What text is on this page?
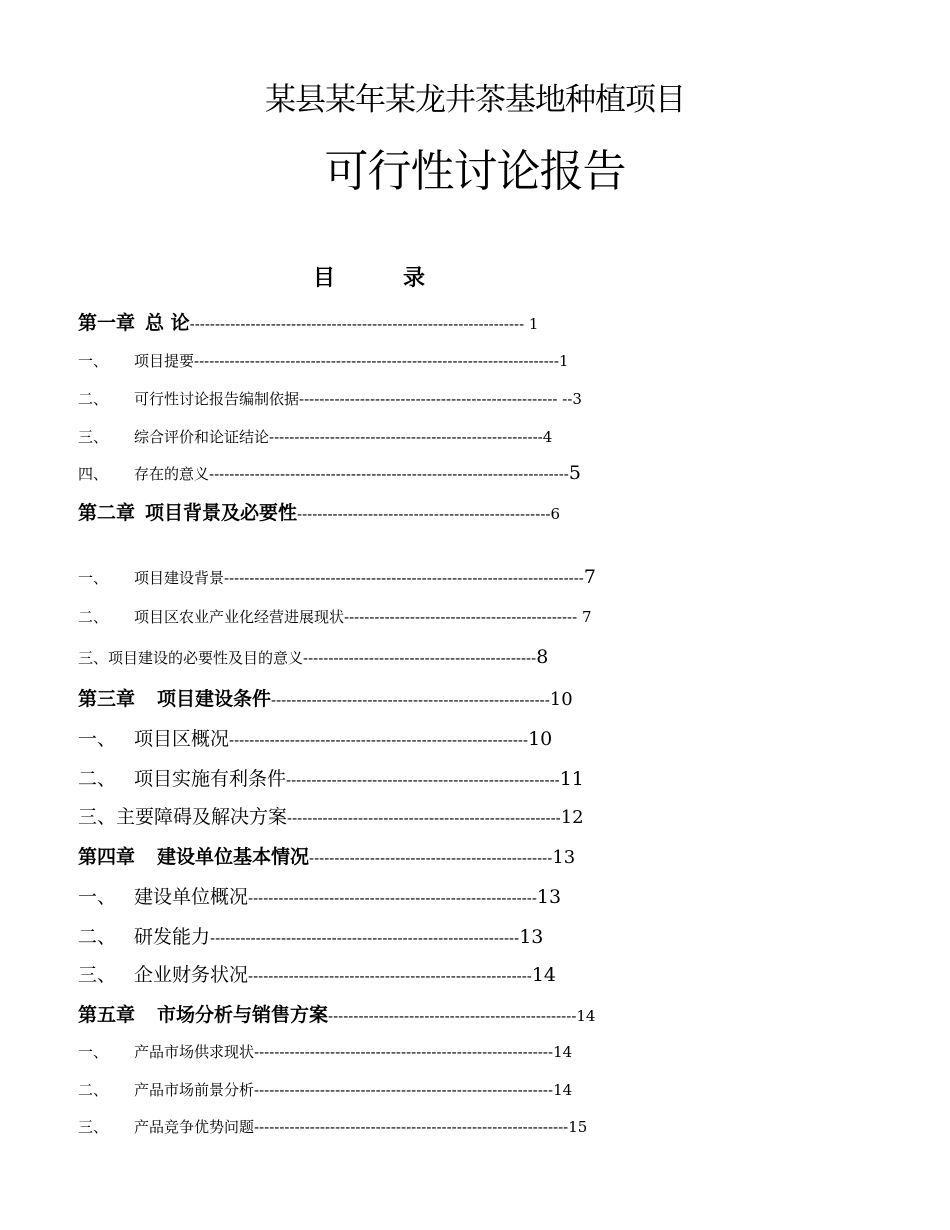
某县某年某龙井茶基地种植项目
可行性讨论报告
目	录
第一章 总 论------------------------------------------------------------------ 1
一、 项目提要------------------------------------------------------------------------1
二、 可行性讨论报告编制依据--------------------------------------------------- --3
三、 综合评价和论证结论------------------------------------------------------4
四、 存在的意义-----------------------------------------------------------------------5
第二章 项目背景及必要性--------------------------------------------------6
一、 项目建设背景-----------------------------------------------------------------------7
二、 项目区农业产业化经营进展现状---------------------------------------------- 7
三、项目建设的必要性及目的意义----------------------------------------------8
第三章 项目建设条件-------------------------------------------------------10
一、 项目区概况-----------------------------------------------------------10
二、 项目实施有利条件------------------------------------------------------11
三、主要障碍及解决方案------------------------------------------------------12
第四章 建设单位基本情况------------------------------------------------13
一、 建设单位概况---------------------------------------------------------13
二、 研发能力-------------------------------------------------------------13
三、 企业财务状况--------------------------------------------------------14
第五章 市场分析与销售方案-------------------------------------------------14
一、 产品市场供求现状-----------------------------------------------------------14
二、 产品市场前景分析-----------------------------------------------------------14
三、 产品竞争优势问题--------------------------------------------------------------15
